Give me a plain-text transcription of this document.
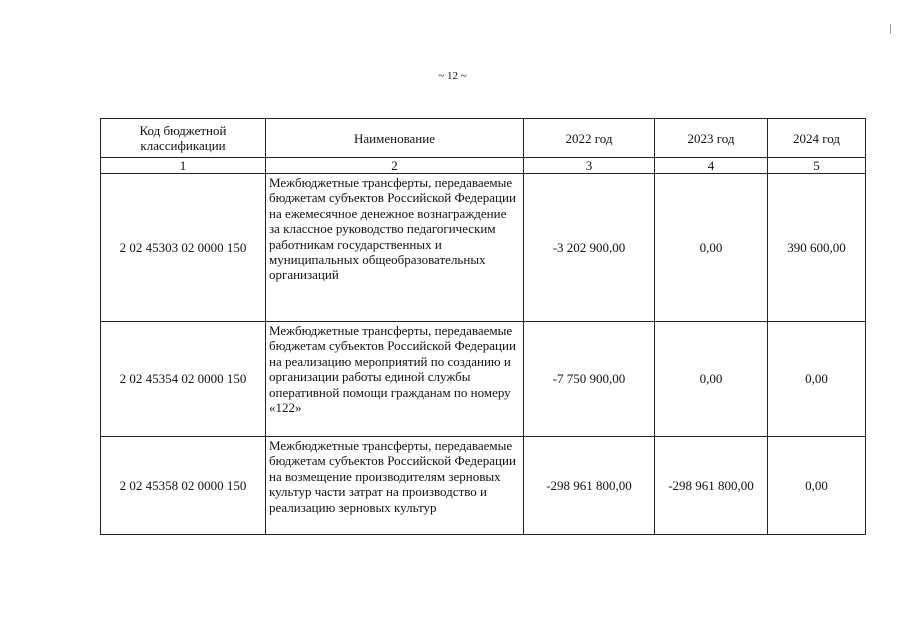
~ 12 ~
Код бюджетной классификации	Наименование	2022 год	2023 год	2024 год
1	2	3	4	5
2 02 45303 02 0000 150	Межбюджетные трансферты, передаваемые бюджетам субъектов Российской Федерации на ежемесячное денежное вознаграждение за классное руководство педагогическим работникам государственных и муниципальных общеобразовательных организаций	-3 202 900,00	0,00	390 600,00
2 02 45354 02 0000 150	Межбюджетные трансферты, передаваемые бюджетам субъектов Российской Федерации на реализацию мероприятий по созданию и организации работы единой службы оперативной помощи гражданам по номеру «122»	-7 750 900,00	0,00	0,00
2 02 45358 02 0000 150	Межбюджетные трансферты, передаваемые бюджетам субъектов Российской Федерации на возмещение производителям зерновых культур части затрат на производство и реализацию зерновых культур	-298 961 800,00	-298 961 800,00	0,00
